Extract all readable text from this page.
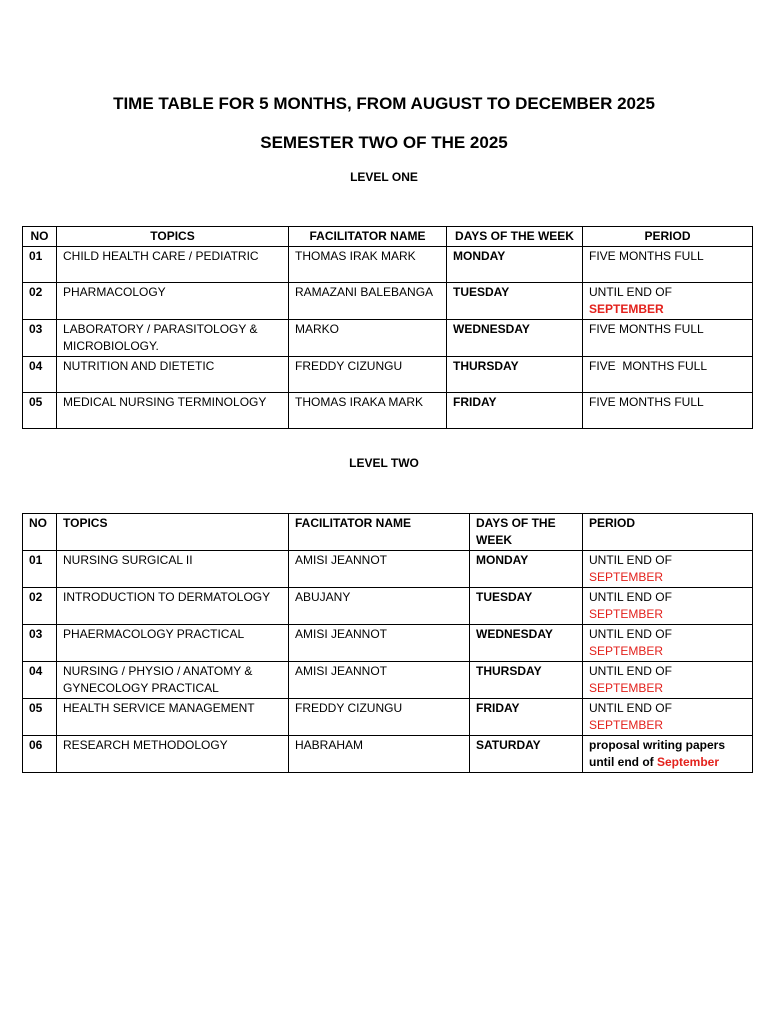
TIME TABLE FOR 5 MONTHS, FROM AUGUST TO DECEMBER 2025
SEMESTER TWO OF THE 2025

LEVEL ONE

NO	TOPICS	FACILITATOR NAME	DAYS OF THE WEEK	PERIOD
01	CHILD HEALTH CARE / PEDIATRIC	THOMAS IRAK MARK	MONDAY	FIVE MONTHS FULL
02	PHARMACOLOGY	RAMAZANI BALEBANGA	TUESDAY	UNTIL END OF SEPTEMBER
03	LABORATORY / PARASITOLOGY & MICROBIOLOGY.	MARKO	WEDNESDAY	FIVE MONTHS FULL
04	NUTRITION AND DIETETIC	FREDDY CIZUNGU	THURSDAY	FIVE  MONTHS FULL
05	MEDICAL NURSING TERMINOLOGY	THOMAS IRAKA MARK	FRIDAY	FIVE MONTHS FULL

LEVEL TWO

NO	TOPICS	FACILITATOR NAME	DAYS OF THE WEEK	PERIOD
01	NURSING SURGICAL II	AMISI JEANNOT	MONDAY	UNTIL END OF SEPTEMBER
02	INTRODUCTION TO DERMATOLOGY	ABUJANY	TUESDAY	UNTIL END OF SEPTEMBER
03	PHAERMACOLOGY PRACTICAL	AMISI JEANNOT	WEDNESDAY	UNTIL END OF SEPTEMBER
04	NURSING / PHYSIO / ANATOMY & GYNECOLOGY PRACTICAL	AMISI JEANNOT	THURSDAY	UNTIL END OF SEPTEMBER
05	HEALTH SERVICE MANAGEMENT	FREDDY CIZUNGU	FRIDAY	UNTIL END OF SEPTEMBER
06	RESEARCH METHODOLOGY	HABRAHAM	SATURDAY	proposal writing papers until end of September
